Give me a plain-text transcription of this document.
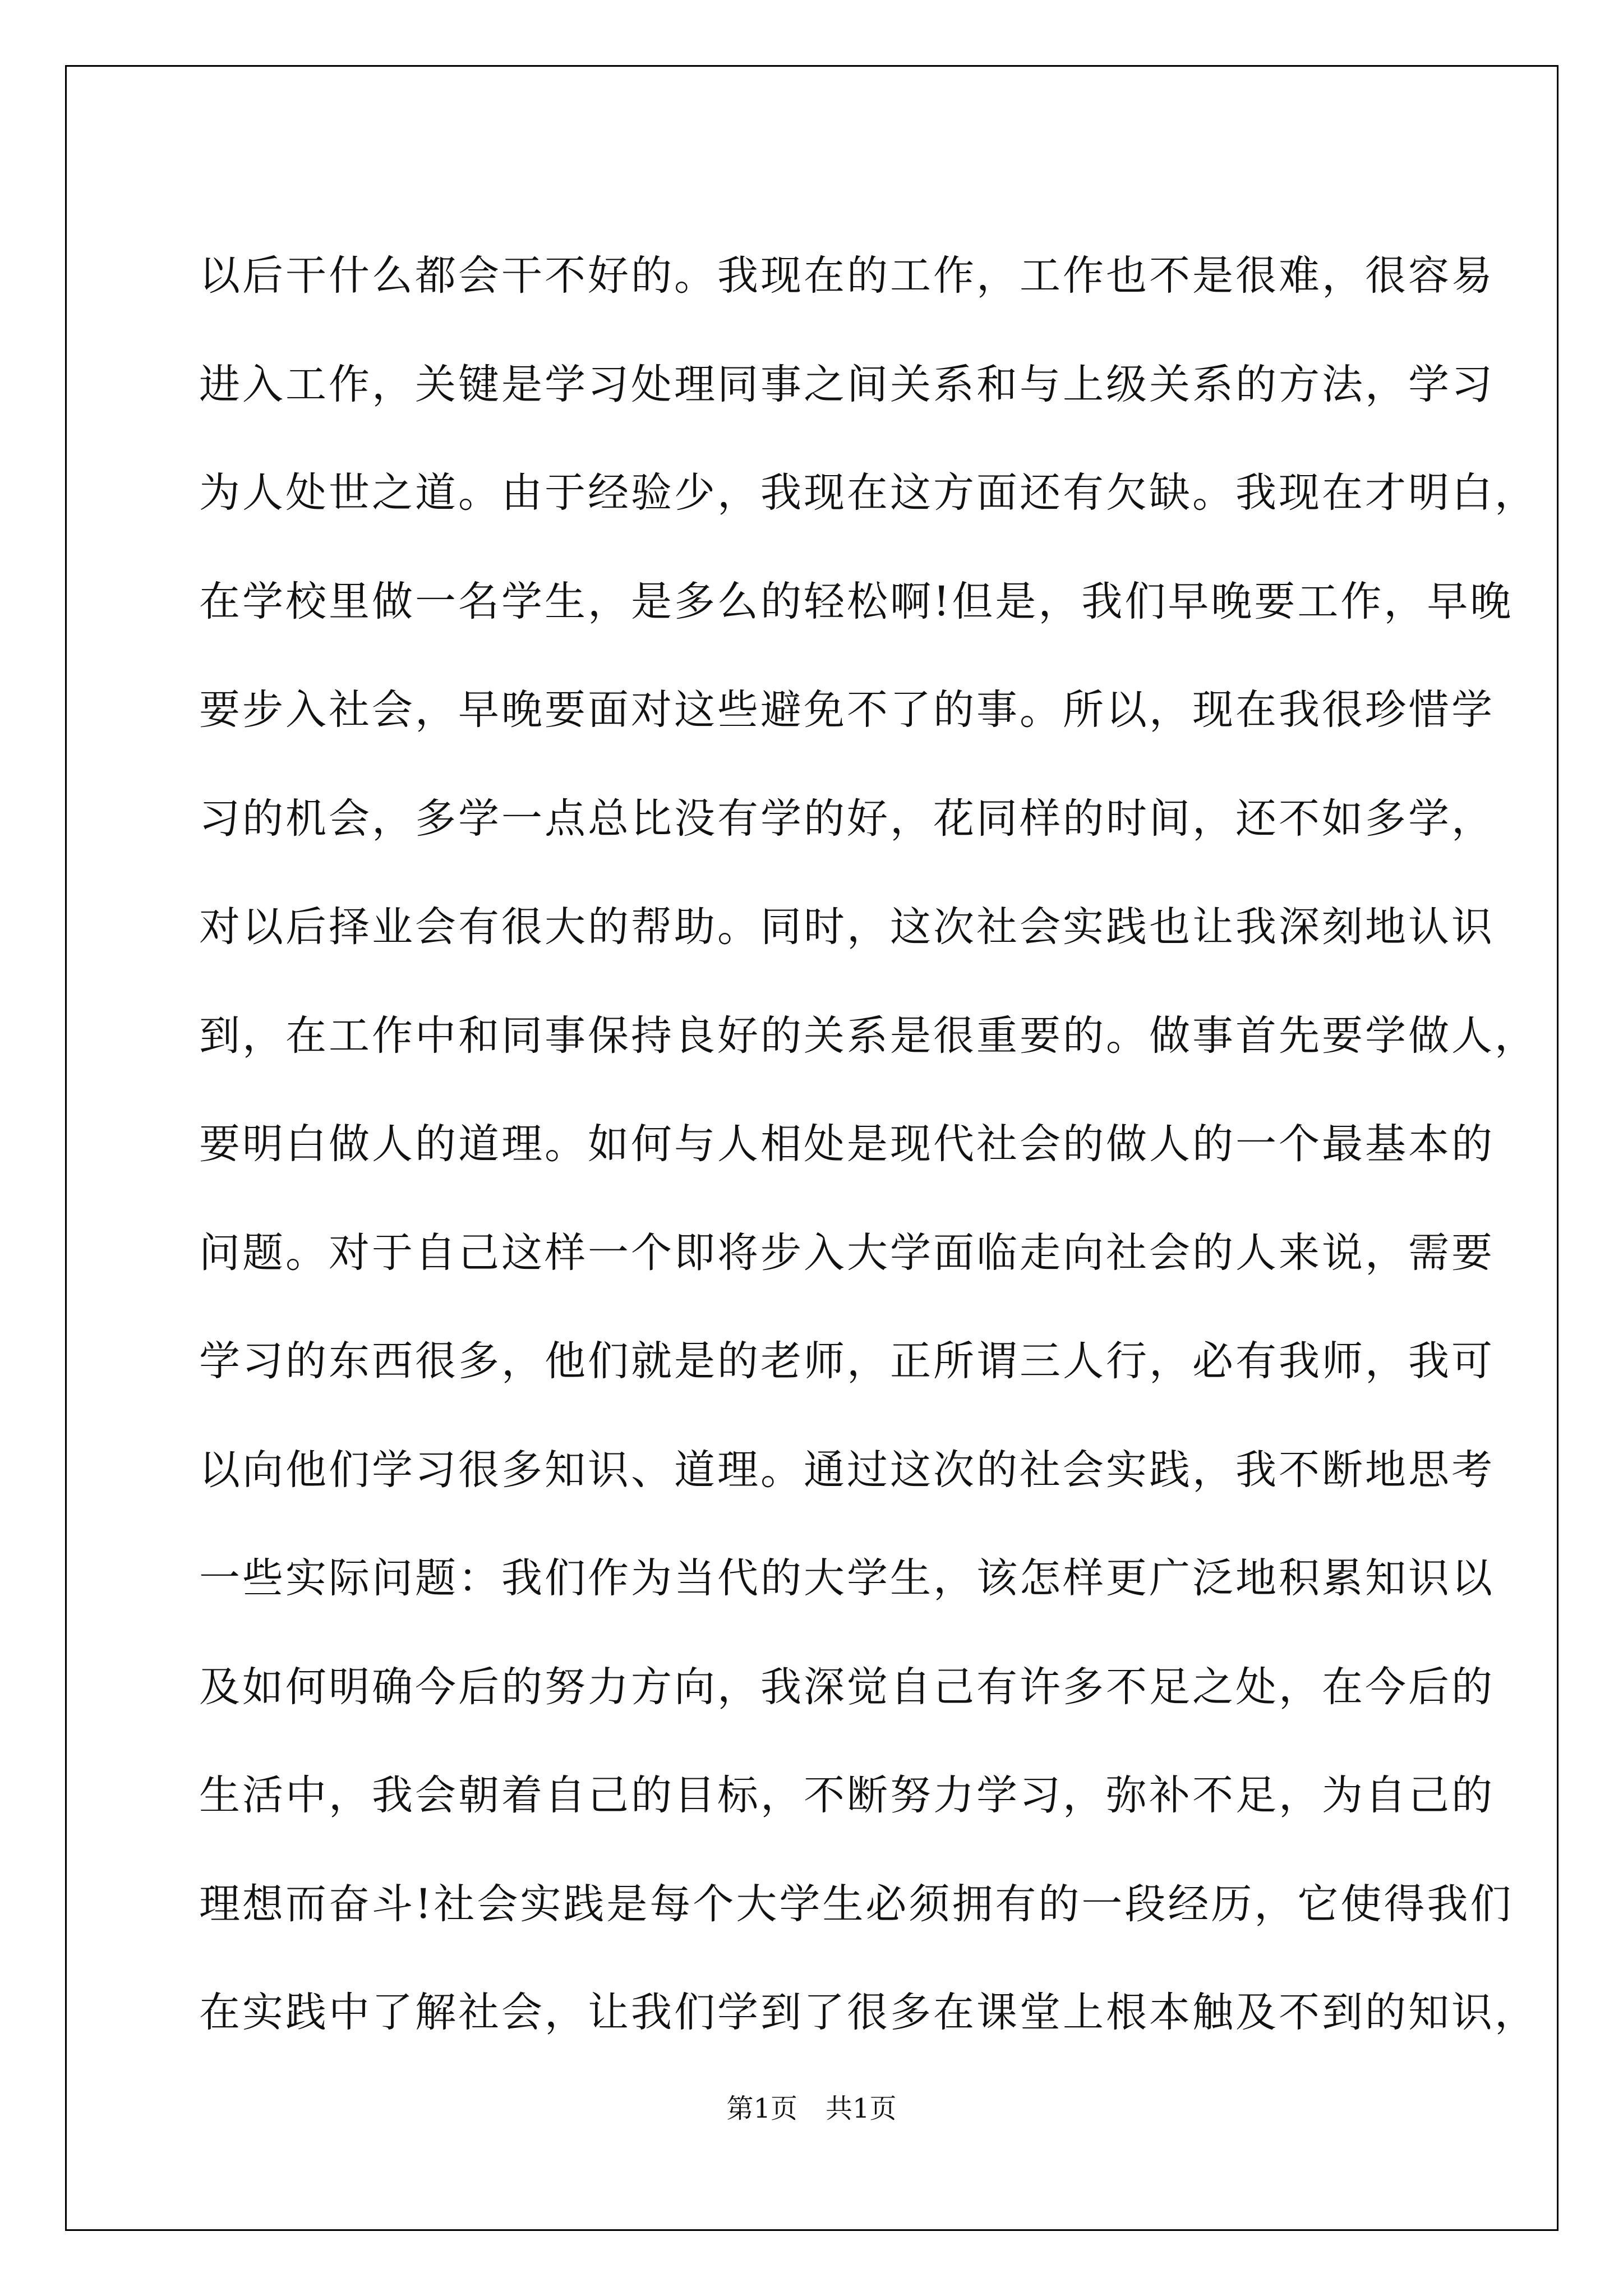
以后干什么都会干不好的。我现在的工作，工作也不是很难，很容易
进入工作，关键是学习处理同事之间关系和与上级关系的方法，学习
为人处世之道。由于经验少，我现在这方面还有欠缺。我现在才明白，
在学校里做一名学生，是多么的轻松啊!但是，我们早晚要工作，早晚
要步入社会，早晚要面对这些避免不了的事。所以，现在我很珍惜学
习的机会，多学一点总比没有学的好，花同样的时间，还不如多学，
对以后择业会有很大的帮助。同时，这次社会实践也让我深刻地认识
到，在工作中和同事保持良好的关系是很重要的。做事首先要学做人，
要明白做人的道理。如何与人相处是现代社会的做人的一个最基本的
问题。对于自己这样一个即将步入大学面临走向社会的人来说，需要
学习的东西很多，他们就是的老师，正所谓三人行，必有我师，我可
以向他们学习很多知识、道理。通过这次的社会实践，我不断地思考
一些实际问题：我们作为当代的大学生，该怎样更广泛地积累知识以
及如何明确今后的努力方向，我深觉自己有许多不足之处，在今后的
生活中，我会朝着自己的目标，不断努力学习，弥补不足，为自己的
理想而奋斗!社会实践是每个大学生必须拥有的一段经历，它使得我们
在实践中了解社会，让我们学到了很多在课堂上根本触及不到的知识，
第1页 共1页
